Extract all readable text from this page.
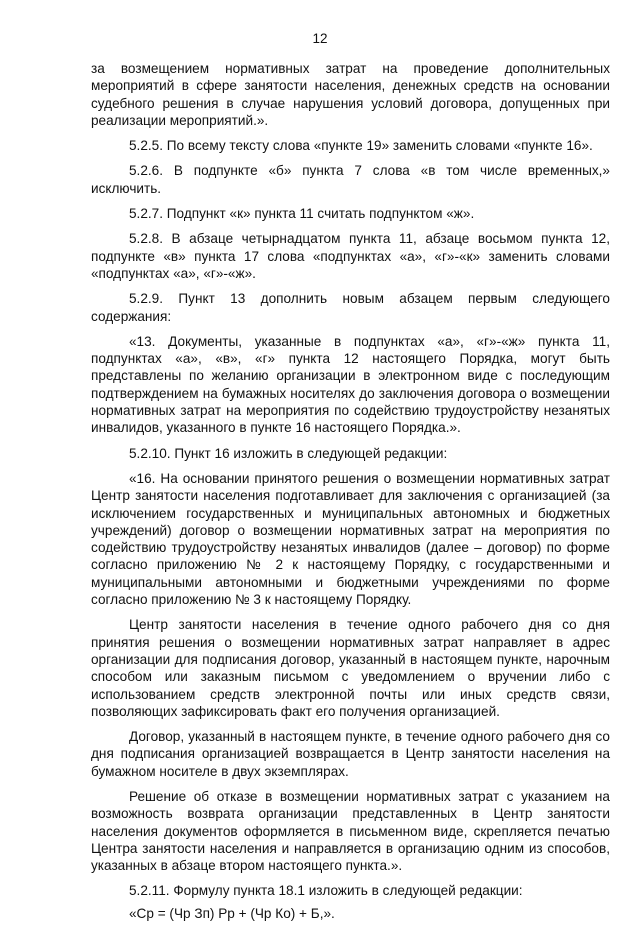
12

за возмещением нормативных затрат на проведение дополнительных мероприятий в сфере занятости населения, денежных средств на основании судебного решения в случае нарушения условий договора, допущенных при реализации мероприятий.».

5.2.5. По всему тексту слова «пункте 19» заменить словами «пункте 16».

5.2.6. В подпункте «б» пункта 7 слова «в том числе временных,» исключить.

5.2.7. Подпункт «к» пункта 11 считать подпунктом «ж».

5.2.8. В абзаце четырнадцатом пункта 11, абзаце восьмом пункта 12, подпункте «в» пункта 17 слова «подпунктах «а», «г»-«к» заменить словами «подпунктах «а», «г»-«ж».

5.2.9. Пункт 13 дополнить новым абзацем первым следующего содержания:

«13. Документы, указанные в подпунктах «а», «г»-«ж» пункта 11, подпунктах «а», «в», «г» пункта 12 настоящего Порядка, могут быть представлены по желанию организации в электронном виде с последующим подтверждением на бумажных носителях до заключения договора о возмещении нормативных затрат на мероприятия по содействию трудоустройству незанятых инвалидов, указанного в пункте 16 настоящего Порядка.».

5.2.10. Пункт 16 изложить в следующей редакции:

«16. На основании принятого решения о возмещении нормативных затрат Центр занятости населения подготавливает для заключения с организацией (за исключением государственных и муниципальных автономных и бюджетных учреждений) договор о возмещении нормативных затрат на мероприятия по содействию трудоустройству незанятых инвалидов (далее – договор) по форме согласно приложению № 2 к настоящему Порядку, с государственными и муниципальными автономными и бюджетными учреждениями по форме согласно приложению № 3 к настоящему Порядку.

Центр занятости населения в течение одного рабочего дня со дня принятия решения о возмещении нормативных затрат направляет в адрес организации для подписания договор, указанный в настоящем пункте, нарочным способом или заказным письмом с уведомлением о вручении либо с использованием средств электронной почты или иных средств связи, позволяющих зафиксировать факт его получения организацией.

Договор, указанный в настоящем пункте, в течение одного рабочего дня со дня подписания организацией возвращается в Центр занятости населения на бумажном носителе в двух экземплярах.

Решение об отказе в возмещении нормативных затрат с указанием на возможность возврата организации представленных в Центр занятости населения документов оформляется в письменном виде, скрепляется печатью Центра занятости населения и направляется в организацию одним из способов, указанных в абзаце втором настоящего пункта.».

5.2.11. Формулу пункта 18.1 изложить в следующей редакции:

«Ср = (Чр Зп) Рр + (Чр Ко) + Б,».
